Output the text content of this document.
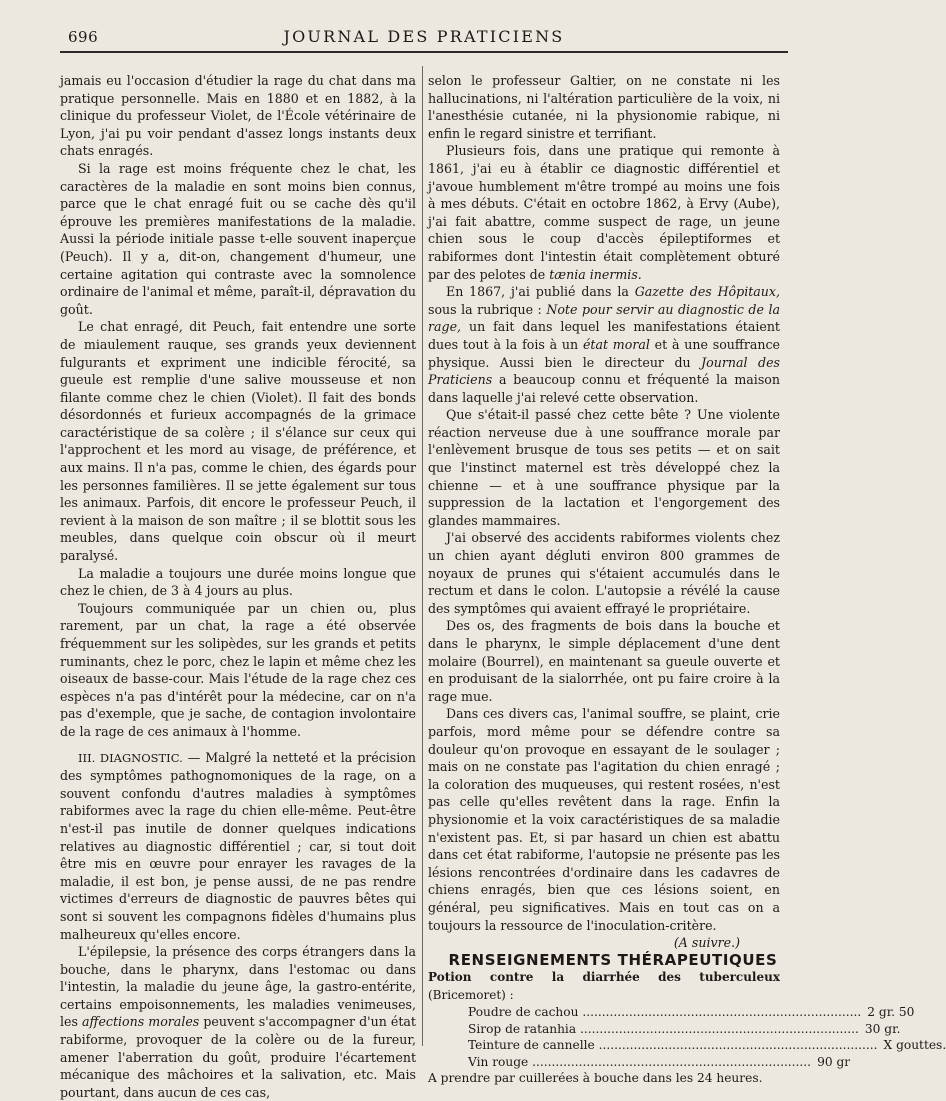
696	JOURNAL DES PRATICIENS

jamais eu l'occasion d'étudier la rage du chat dans ma pratique personnelle. Mais en 1880 et en 1882, à la clinique du professeur Violet, de l'École vétérinaire de Lyon, j'ai pu voir pendant d'assez longs instants deux chats enragés.

Si la rage est moins fréquente chez le chat, les caractères de la maladie en sont moins bien connus, parce que le chat enragé fuit ou se cache dès qu'il éprouve les premières manifestations de la maladie. Aussi la période initiale passe t-elle souvent inaperçue (Peuch). Il y a, dit-on, changement d'humeur, une certaine agitation qui contraste avec la somnolence ordinaire de l'animal et même, paraît-il, dépravation du goût.

Le chat enragé, dit Peuch, fait entendre une sorte de miaulement rauque, ses grands yeux deviennent fulgurants et expriment une indicible férocité, sa gueule est remplie d'une salive mousseuse et non filante comme chez le chien (Violet). Il fait des bonds désordonnés et furieux accompagnés de la grimace caractéristique de sa colère ; il s'élance sur ceux qui l'approchent et les mord au visage, de préférence, et aux mains. Il n'a pas, comme le chien, des égards pour les personnes familières. Il se jette également sur tous les animaux. Parfois, dit encore le professeur Peuch, il revient à la maison de son maître ; il se blottit sous les meubles, dans quelque coin obscur où il meurt paralysé.

La maladie a toujours une durée moins longue que chez le chien, de 3 à 4 jours au plus.

Toujours communiquée par un chien ou, plus rarement, par un chat, la rage a été observée fréquemment sur les solipèdes, sur les grands et petits ruminants, chez le porc, chez le lapin et même chez les oiseaux de basse-cour. Mais l'étude de la rage chez ces espèces n'a pas d'intérêt pour la médecine, car on n'a pas d'exemple, que je sache, de contagion involontaire de la rage de ces animaux à l'homme.

III. DIAGNOSTIC. — Malgré la netteté et la précision des symptômes pathognomoniques de la rage, on a souvent confondu d'autres maladies à symptômes rabiformes avec la rage du chien elle-même. Peut-être n'est-il pas inutile de donner quelques indications relatives au diagnostic différentiel ; car, si tout doit être mis en œuvre pour enrayer les ravages de la maladie, il est bon, je pense aussi, de ne pas rendre victimes d'erreurs de diagnostic de pauvres bêtes qui sont si souvent les compagnons fidèles d'humains plus malheureux qu'elles encore.

L'épilepsie, la présence des corps étrangers dans la bouche, dans le pharynx, dans l'estomac ou dans l'intestin, la maladie du jeune âge, la gastro-entérite, certains empoisonnements, les maladies venimeuses, les affections morales peuvent s'accompagner d'un état rabiforme, provoquer de la colère ou de la fureur, amener l'aberration du goût, produire l'écartement mécanique des mâchoires et la salivation, etc. Mais pourtant, dans aucun de ces cas,

selon le professeur Galtier, on ne constate ni les hallucinations, ni l'altération particulière de la voix, ni l'anesthésie cutanée, ni la physionomie rabique, ni enfin le regard sinistre et terrifiant.

Plusieurs fois, dans une pratique qui remonte à 1861, j'ai eu à établir ce diagnostic différentiel et j'avoue humblement m'être trompé au moins une fois à mes débuts. C'était en octobre 1862, à Ervy (Aube), j'ai fait abattre, comme suspect de rage, un jeune chien sous le coup d'accès épileptiformes et rabiformes dont l'intestin était complètement obturé par des pelotes de tænia inermis.

En 1867, j'ai publié dans la Gazette des Hôpitaux, sous la rubrique : Note pour servir au diagnostic de la rage, un fait dans lequel les manifestations étaient dues tout à la fois à un état moral et à une souffrance physique. Aussi bien le directeur du Journal des Praticiens a beaucoup connu et fréquenté la maison dans laquelle j'ai relevé cette observation.

Que s'était-il passé chez cette bête ? Une violente réaction nerveuse due à une souffrance morale par l'enlèvement brusque de tous ses petits — et on sait que l'instinct maternel est très développé chez la chienne — et à une souffrance physique par la suppression de la lactation et l'engorgement des glandes mammaires.

J'ai observé des accidents rabiformes violents chez un chien ayant dégluti environ 800 grammes de noyaux de prunes qui s'étaient accumulés dans le rectum et dans le colon. L'autopsie a révélé la cause des symptômes qui avaient effrayé le propriétaire.

Des os, des fragments de bois dans la bouche et dans le pharynx, le simple déplacement d'une dent molaire (Bourrel), en maintenant sa gueule ouverte et en produisant de la sialorrhée, ont pu faire croire à la rage mue.

Dans ces divers cas, l'animal souffre, se plaint, crie parfois, mord même pour se défendre contre sa douleur qu'on provoque en essayant de le soulager ; mais on ne constate pas l'agitation du chien enragé ; la coloration des muqueuses, qui restent rosées, n'est pas celle qu'elles revêtent dans la rage. Enfin la physionomie et la voix caractéristiques de sa maladie n'existent pas. Et, si par hasard un chien est abattu dans cet état rabiforme, l'autopsie ne présente pas les lésions rencontrées d'ordinaire dans les cadavres de chiens enragés, bien que ces lésions soient, en général, peu significatives. Mais en tout cas on a toujours la ressource de l'inoculation-critère.

(A suivre.)

RENSEIGNEMENTS THÉRAPEUTIQUES

Potion contre la diarrhée des tuberculeux (Bricemoret) :

Poudre de cachou .....	2 gr. 50
Sirop de ratanhia .....	30 gr.
Teinture de cannelle .....	X gouttes.
Vin rouge .....	90 gr

A prendre par cuillerées à bouche dans les 24 heures.
